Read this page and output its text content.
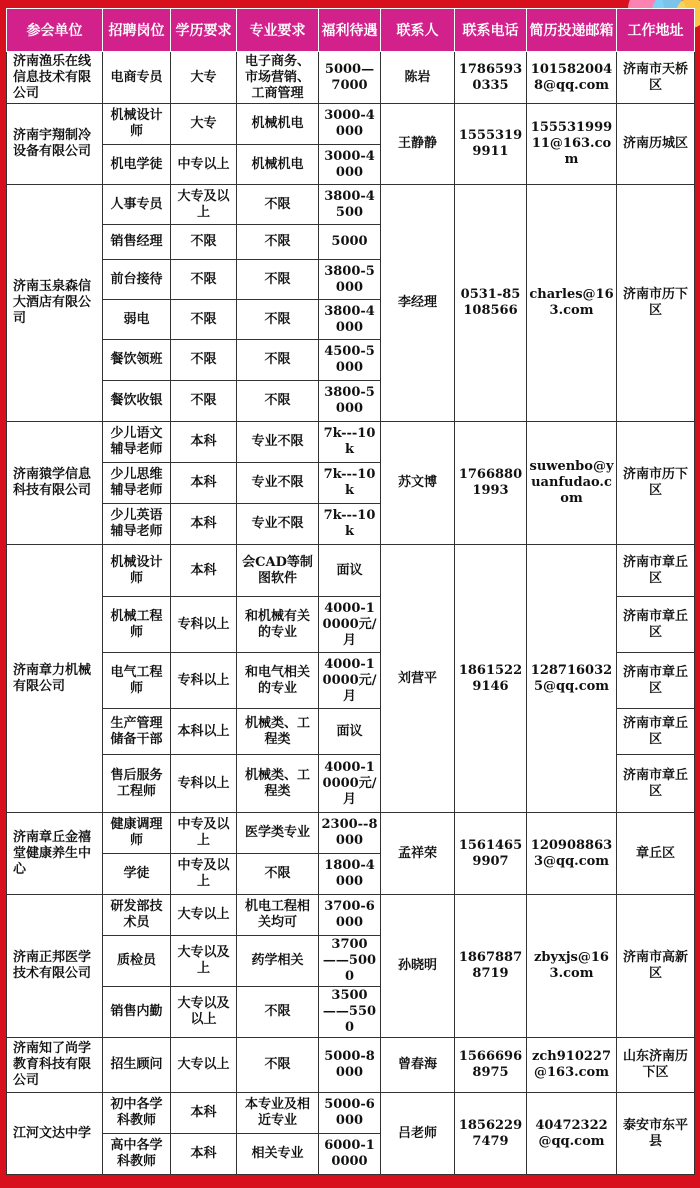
参会单位	招聘岗位	学历要求	专业要求	福利待遇	联系人	联系电话	简历投递邮箱	工作地址
济南渔乐在线信息技术有限公司	电商专员	大专	电子商务、市场营销、工商管理	5000—7000	陈岩	17865930335	1015820048@qq.com	济南市天桥区
济南宇翔制冷设备有限公司	机械设计师	大专	机械机电	3000-4000	王静静	15553199911	15553199911@163.com	济南历城区
	机电学徒	中专以上	机械机电	3000-4000				
济南玉泉森信大酒店有限公司	人事专员	大专及以上	不限	3800-4500	李经理	0531-85108566	charles@163.com	济南市历下区
	销售经理	不限	不限	5000				
	前台接待	不限	不限	3800-5000				
	弱电	不限	不限	3800-4000				
	餐饮领班	不限	不限	4500-5000				
	餐饮收银	不限	不限	3800-5000				
济南猿学信息科技有限公司	少儿语文辅导老师	本科	专业不限	7k---10k	苏文博	17668801993	suwenbo@yuanfudao.com	济南市历下区
	少儿思维辅导老师	本科	专业不限	7k---10k				
	少儿英语辅导老师	本科	专业不限	7k---10k				
济南章力机械有限公司	机械设计师	本科	会CAD等制图软件	面议	刘营平	18615229146	1287160325@qq.com	济南市章丘区
	机械工程师	专科以上	和机械有关的专业	4000-10000元/月				济南市章丘区
	电气工程师	专科以上	和电气相关的专业	4000-10000元/月				济南市章丘区
	生产管理储备干部	本科以上	机械类、工程类	面议				济南市章丘区
	售后服务工程师	专科以上	机械类、工程类	4000-10000元/月				济南市章丘区
济南章丘金禧堂健康养生中心	健康调理师	中专及以上	医学类专业	2300--8000	孟祥荣	15614659907	1209088633@qq.com	章丘区
	学徒	中专及以上	不限	1800-4000				
济南正邦医学技术有限公司	研发部技术员	大专以上	机电工程相关均可	3700-6000	孙晓明	18678878719	zbyxjs@163.com	济南市高新区
	质检员	大专以及上	药学相关	3700——5000				
	销售内勤	大专以及以上	不限	3500——5500				
济南知了尚学教育科技有限公司	招生顾问	大专以上	不限	5000-8000	曾春海	15666968975	zch910227@163.com	山东济南历下区
江河文达中学	初中各学科教师	本科	本专业及相近专业	5000-6000	吕老师	18562297479	40472322@qq.com	泰安市东平县
	高中各学科教师	本科	相关专业	6000-10000				
